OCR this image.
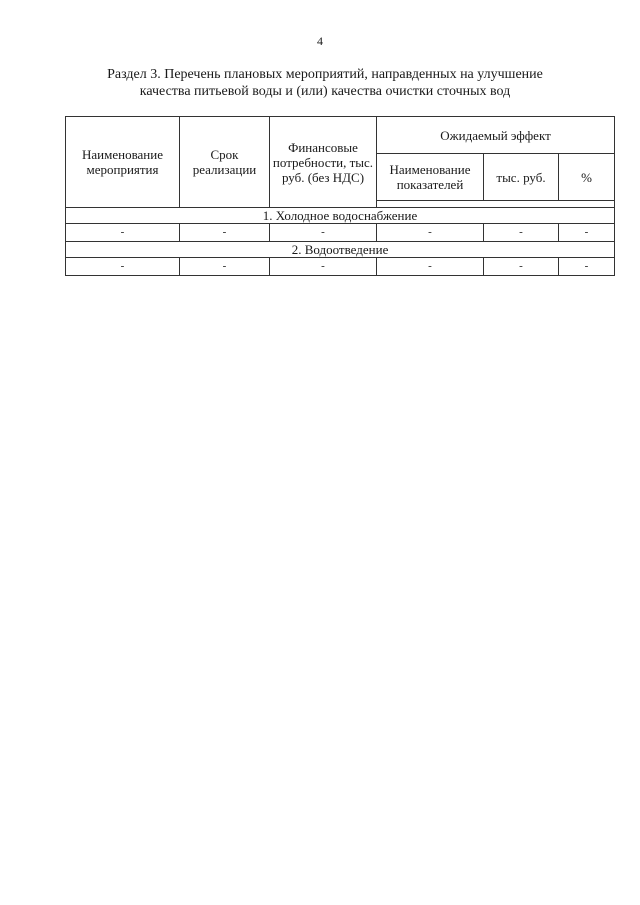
4
Раздел 3. Перечень плановых мероприятий, направденных на улучшение
качества питьевой воды и (или) качества очистки сточных вод
Наименование мероприятия	Срок реализации	Финансовые потребности, тыс. руб. (без НДС)	Ожидаемый эффект		
			Наименование показателей	тыс. руб.	%

1. Холодное водоснабжение					
-	-	-	-	-	-
2. Водоотведение					
-	-	-	-	-	-
